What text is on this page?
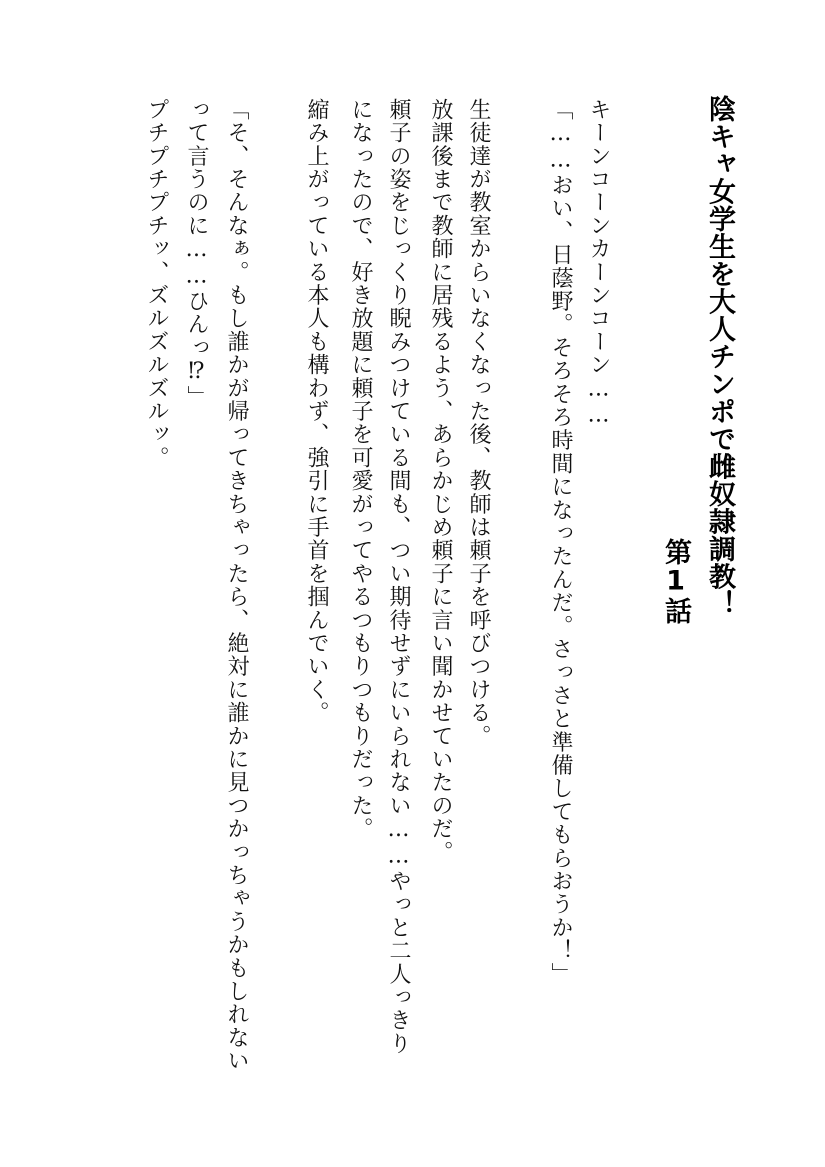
陰キャ女学生を大人チンポで雌奴隷調教！
第1話
キーンコーンカーンコーン……
「……おい、日蔭野。そろそろ時間になったんだ。さっさと準備してもらおうか！」
生徒達が教室からいなくなった後、教師は頼子を呼びつける。
放課後まで教師に居残るよう、あらかじめ頼子に言い聞かせていたのだ。
頼子の姿をじっくり睨みつけている間も、つい期待せずにいられない……やっと二人っきり
になったので、好き放題に頼子を可愛がってやるつもりつもりだった。
縮み上がっている本人も構わず、強引に手首を掴んでいく。
「そ、そんなぁ。もし誰かが帰ってきちゃったら、絶対に誰かに見つかっちゃうかもしれない
って言うのに……ひんっ⁉」
プチプチプチッ、ズルズルズルッ。
